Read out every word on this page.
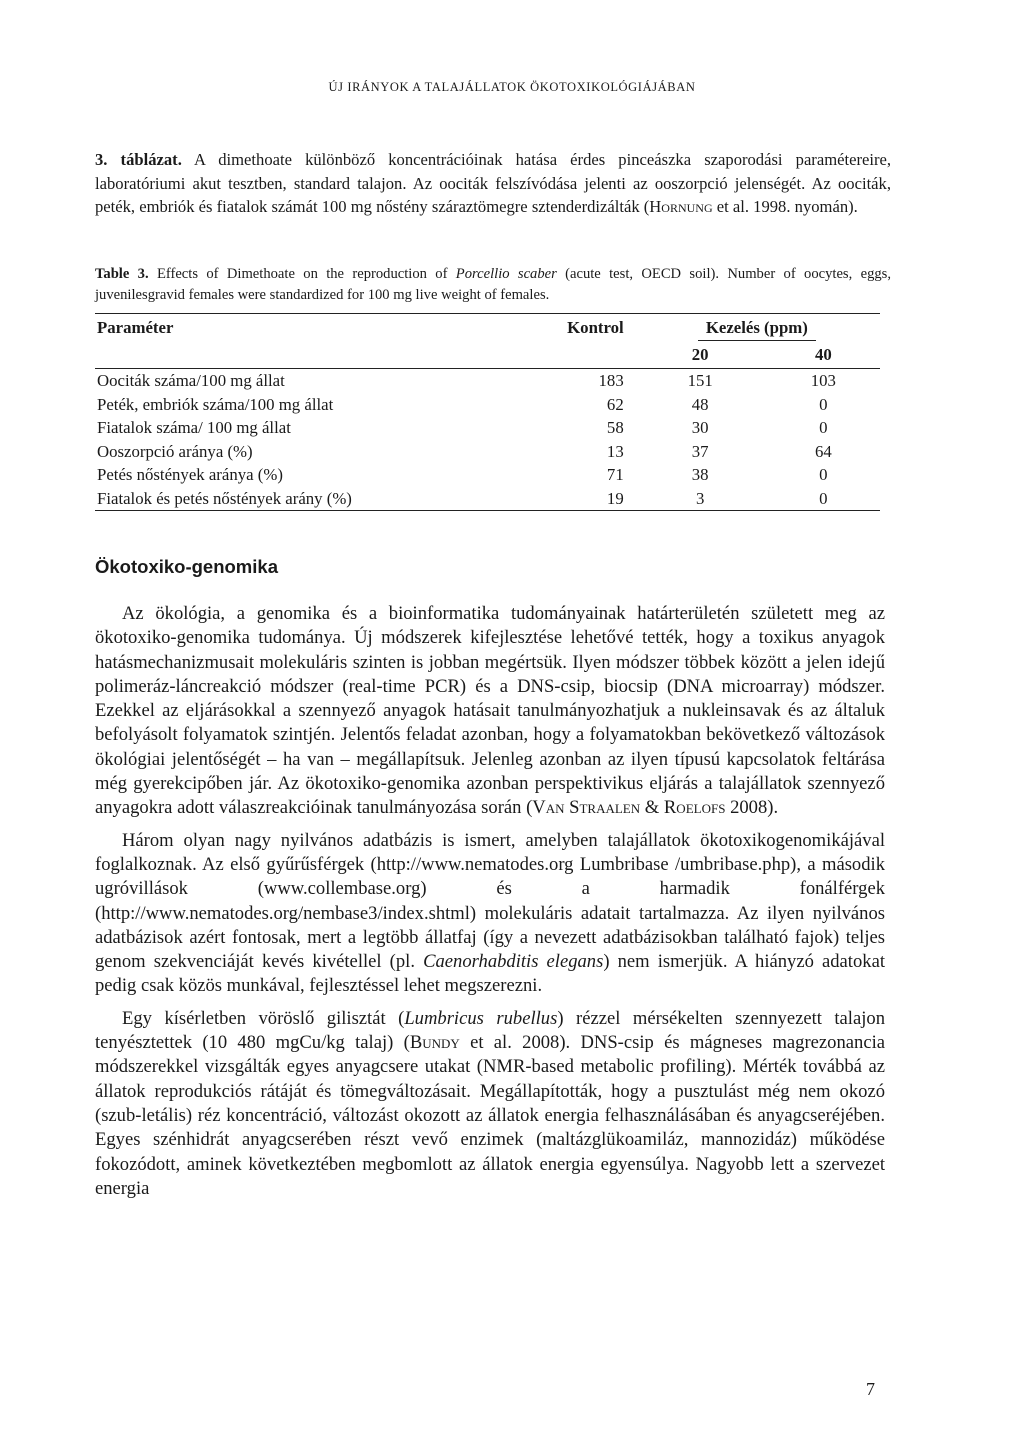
ÚJ IRÁNYOK A TALAJÁLLATOK ÖKOTOXIKOLÓGIÁJÁBAN

3. táblázat. A dimethoate különböző koncentrációinak hatása érdes pinceászka szaporodási paramétereire, laboratóriumi akut tesztben, standard talajon. Az oociták felszívódása jelenti az ooszorpció jelenségét. Az oociták, peték, embriók és fiatalok számát 100 mg nőstény száraztömegre sztenderdizálták (Hornung et al. 1998. nyomán).

Table 3. Effects of Dimethoate on the reproduction of Porcellio scaber (acute test, OECD soil). Number of oocytes, eggs, juvenilesgravid females were standardized for 100 mg live weight of females.

Paraméter	Kontrol	Kezelés (ppm)	
		20	40
Oociták száma/100 mg állat	183	151	103
Peték, embriók száma/100 mg állat	62	48	0
Fiatalok száma/ 100 mg állat	58	30	0
Ooszorpció aránya (%)	13	37	64
Petés nőstények aránya (%)	71	38	0
Fiatalok és petés nőstények arány (%)	19	3	0
Ökotoxiko-genomika

Az ökológia, a genomika és a bioinformatika tudományainak határterületén született meg az ökotoxiko-genomika tudománya. Új módszerek kifejlesztése lehetővé tették, hogy a toxikus anyagok hatásmechanizmusait molekuláris szinten is jobban megértsük. Ilyen módszer többek között a jelen idejű polimeráz-láncreakció módszer (real-time PCR) és a DNS-csip, biocsip (DNA microarray) módszer. Ezekkel az eljárásokkal a szennyező anyagok hatásait tanulmányozhatjuk a nukleinsavak és az általuk befolyásolt folyamatok szintjén. Jelentős feladat azonban, hogy a folyamatokban bekövetkező változások ökológiai jelentőségét – ha van – megállapítsuk. Jelenleg azonban az ilyen típusú kapcsolatok feltárása még gyerekcipőben jár. Az ökotoxiko-genomika azonban perspektivikus eljárás a talajállatok szennyező anyagokra adott válaszreakcióinak tanulmányozása során (Van Straalen & Roelofs 2008).

Három olyan nagy nyilvános adatbázis is ismert, amelyben talajállatok ökotoxikogenomikájával foglalkoznak. Az első gyűrűsférgek (http://www.nematodes.org Lumbribase /umbribase.php), a második ugróvillások (www.collembase.org) és a harmadik fonálférgek (http://www.nematodes.org/nembase3/index.shtml) molekuláris adatait tartalmazza. Az ilyen nyilvános adatbázisok azért fontosak, mert a legtöbb állatfaj (így a nevezett adatbázisokban található fajok) teljes genom szekvenciáját kevés kivétellel (pl. Caenorhabditis elegans) nem ismerjük. A hiányzó adatokat pedig csak közös munkával, fejlesztéssel lehet megszerezni.

Egy kísérletben vöröslő gilisztát (Lumbricus rubellus) rézzel mérsékelten szennyezett talajon tenyésztettek (10 480 mgCu/kg talaj) (Bundy et al. 2008). DNS-csip és mágneses magrezonancia módszerekkel vizsgálták egyes anyagcsere utakat (NMR-based metabolic profiling). Mérték továbbá az állatok reprodukciós rátáját és tömegváltozásait. Megállapították, hogy a pusztulást még nem okozó (szub-letális) réz koncentráció, változást okozott az állatok energia felhasználásában és anyagcseréjében. Egyes szénhidrát anyagcserében részt vevő enzimek (maltázglükoamiláz, mannozidáz) működése fokozódott, aminek következtében megbomlott az állatok energia egyensúlya. Nagyobb lett a szervezet energia

7
